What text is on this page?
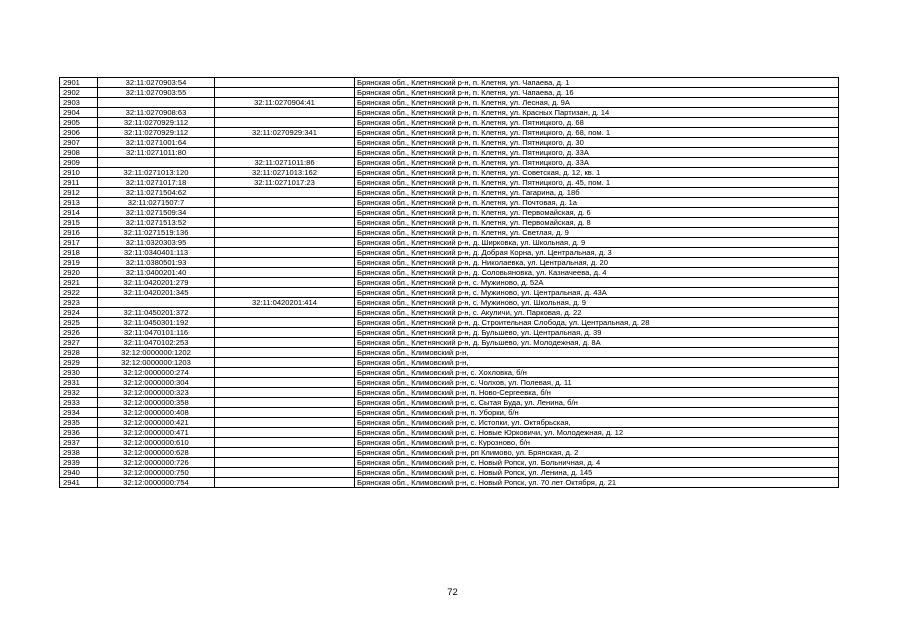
2901	32:11:0270903:54		Брянская обл., Клетнянский р-н, п. Клетня, ул. Чапаева, д. 1
2902	32:11:0270903:55		Брянская обл., Клетнянский р-н, п. Клетня, ул. Чапаева, д. 16
2903		32:11:0270904:41	Брянская обл., Клетнянский р-н, п. Клетня, ул. Лесная, д. 9А
2904	32:11:0270908:63		Брянская обл., Клетнянский р-н, п. Клетня, ул. Красных Партизан, д. 14
2905	32:11:0270929:112		Брянская обл., Клетнянский р-н, п. Клетня, ул. Пятницкого, д. 68
2906	32:11:0270929:112	32:11:0270929:341	Брянская обл., Клетнянский р-н, п. Клетня, ул. Пятницкого, д. 68, пом. 1
2907	32:11:0271001:64		Брянская обл., Клетнянский р-н, п. Клетня, ул. Пятницкого, д. 30
2908	32:11:0271011:80		Брянская обл., Клетнянский р-н, п. Клетня, ул. Пятницкого, д. 33А
2909		32:11:0271011:86	Брянская обл., Клетнянский р-н, п. Клетня, ул. Пятницкого, д. 33А
2910	32:11:0271013:120	32:11:0271013:162	Брянская обл., Клетнянский р-н, п. Клетня, ул. Советская, д. 12, кв. 1
2911	32:11:0271017:18	32:11:0271017:23	Брянская обл., Клетнянский р-н, п. Клетня, ул. Пятницкого, д. 45, пом. 1
2912	32:11:0271504:62		Брянская обл., Клетнянский р-н, п. Клетня, ул. Гагарина, д. 18б
2913	32:11:0271507:7		Брянская обл., Клетнянский р-н, п. Клетня, ул. Почтовая, д. 1а
2914	32:11:0271509:34		Брянская обл., Клетнянский р-н, п. Клетня, ул. Первомайская, д. 6
2915	32:11:0271513:52		Брянская обл., Клетнянский р-н, п. Клетня, ул. Первомайская, д. 8
2916	32:11:0271519:136		Брянская обл., Клетнянский р-н, п. Клетня, ул. Светлая, д. 9
2917	32:11:0320303:95		Брянская обл., Клетнянский р-н, д. Ширковка, ул. Школьная, д. 9
2918	32:11:0340401:113		Брянская обл., Клетнянский р-н, д. Добрая Корна, ул. Центральная, д. 3
2919	32:11:0380501:93		Брянская обл., Клетнянский р-н, д. Николаевка, ул. Центральная, д. 20
2920	32:11:0400201:40		Брянская обл., Клетнянский р-н, д. Соловьяновка, ул. Казначеева, д. 4
2921	32:11:0420201:279		Брянская обл., Клетнянский р-н, с. Мужиново, д. 52А
2922	32:11:0420201:345		Брянская обл., Клетнянский р-н, с. Мужиново, ул. Центральная, д. 43А
2923		32:11:0420201:414	Брянская обл., Клетнянский р-н, с. Мужиново, ул. Школьная, д. 9
2924	32:11:0450201:372		Брянская обл., Клетнянский р-н, с. Акуличи, ул. Парковая, д. 22
2925	32:11:0450301:192		Брянская обл., Клетнянский р-н, д. Строительная Слобода, ул. Центральная, д. 28
2926	32:11:0470101:116		Брянская обл., Клетнянский р-н, д. Бульшево, ул. Центральная, д. 39
2927	32:11:0470102:253		Брянская обл., Клетнянский р-н, д. Бульшево, ул. Молодежная, д. 8А
2928	32:12:0000000:1202		Брянская обл., Климовский р-н,
2929	32:12:0000000:1203		Брянская обл., Климовский р-н,
2930	32:12:0000000:274		Брянская обл., Климовский р-н, с. Хохловка, б/н
2931	32:12:0000000:304		Брянская обл., Климовский р-н, с. Чолхов, ул. Полевая, д. 11
2932	32:12:0000000:323		Брянская обл., Климовский р-н, п. Ново-Сергеевка, б/н
2933	32:12:0000000:358		Брянская обл., Климовский р-н, с. Сытая Буда, ул. Ленина, б/н
2934	32:12:0000000:408		Брянская обл., Климовский р-н, п. Уборки, б/н
2935	32:12:0000000:421		Брянская обл., Климовский р-н, с. Истопки, ул. Октябрьская,
2936	32:12:0000000:471		Брянская обл., Климовский р-н, с. Новые Юрковичи, ул. Молодежная, д. 12
2937	32:12:0000000:610		Брянская обл., Климовский р-н, с. Курозново, б/н
2938	32:12:0000000:628		Брянская обл., Климовский р-н, рп Климово, ул. Брянская, д. 2
2939	32:12:0000000:726		Брянская обл., Климовский р-н, с. Новый Ропск, ул. Больничная, д. 4
2940	32:12:0000000:750		Брянская обл., Климовский р-н, с. Новый Ропск, ул. Ленина, д. 145
2941	32:12:0000000:754		Брянская обл., Климовский р-н, с. Новый Ропск, ул. 70 лет Октября, д. 21
72
